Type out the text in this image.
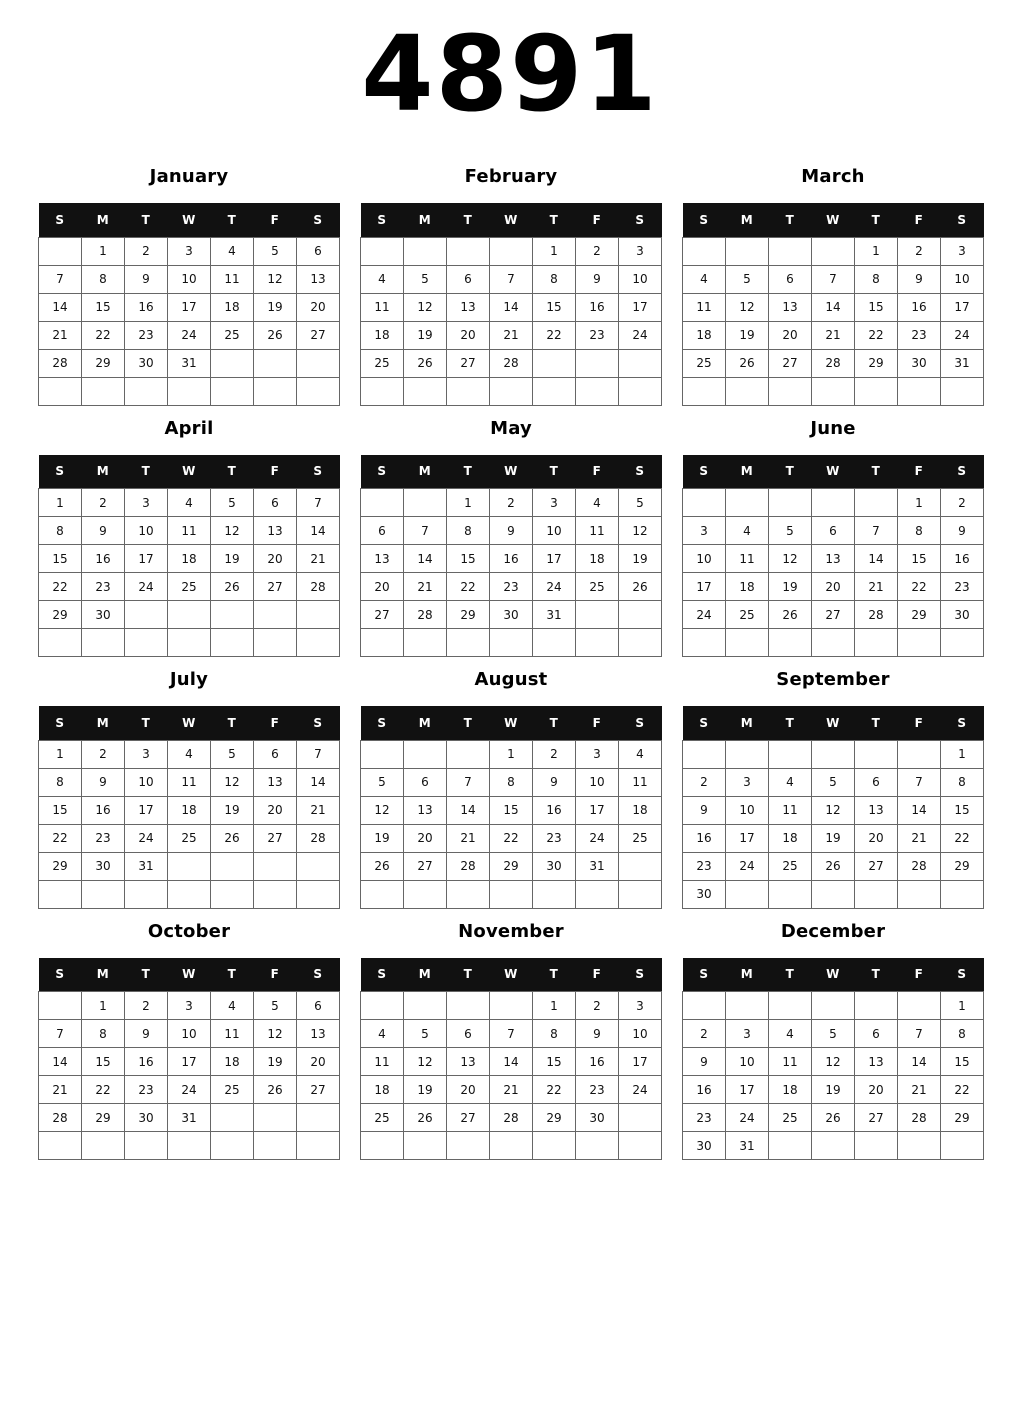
4891
January
S	M	T	W	T	F	S
	1	2	3	4	5	6
7	8	9	10	11	12	13
14	15	16	17	18	19	20
21	22	23	24	25	26	27
28	29	30	31			

February
S	M	T	W	T	F	S
				1	2	3
4	5	6	7	8	9	10
11	12	13	14	15	16	17
18	19	20	21	22	23	24
25	26	27	28			

March
S	M	T	W	T	F	S
				1	2	3
4	5	6	7	8	9	10
11	12	13	14	15	16	17
18	19	20	21	22	23	24
25	26	27	28	29	30	31

April
S	M	T	W	T	F	S
1	2	3	4	5	6	7
8	9	10	11	12	13	14
15	16	17	18	19	20	21
22	23	24	25	26	27	28
29	30					

May
S	M	T	W	T	F	S
		1	2	3	4	5
6	7	8	9	10	11	12
13	14	15	16	17	18	19
20	21	22	23	24	25	26
27	28	29	30	31		

June
S	M	T	W	T	F	S
					1	2
3	4	5	6	7	8	9
10	11	12	13	14	15	16
17	18	19	20	21	22	23
24	25	26	27	28	29	30

July
S	M	T	W	T	F	S
1	2	3	4	5	6	7
8	9	10	11	12	13	14
15	16	17	18	19	20	21
22	23	24	25	26	27	28
29	30	31				

August
S	M	T	W	T	F	S
			1	2	3	4
5	6	7	8	9	10	11
12	13	14	15	16	17	18
19	20	21	22	23	24	25
26	27	28	29	30	31	

September
S	M	T	W	T	F	S
						1
2	3	4	5	6	7	8
9	10	11	12	13	14	15
16	17	18	19	20	21	22
23	24	25	26	27	28	29
30						
October
S	M	T	W	T	F	S
	1	2	3	4	5	6
7	8	9	10	11	12	13
14	15	16	17	18	19	20
21	22	23	24	25	26	27
28	29	30	31			

November
S	M	T	W	T	F	S
				1	2	3
4	5	6	7	8	9	10
11	12	13	14	15	16	17
18	19	20	21	22	23	24
25	26	27	28	29	30	

December
S	M	T	W	T	F	S
						1
2	3	4	5	6	7	8
9	10	11	12	13	14	15
16	17	18	19	20	21	22
23	24	25	26	27	28	29
30	31					
